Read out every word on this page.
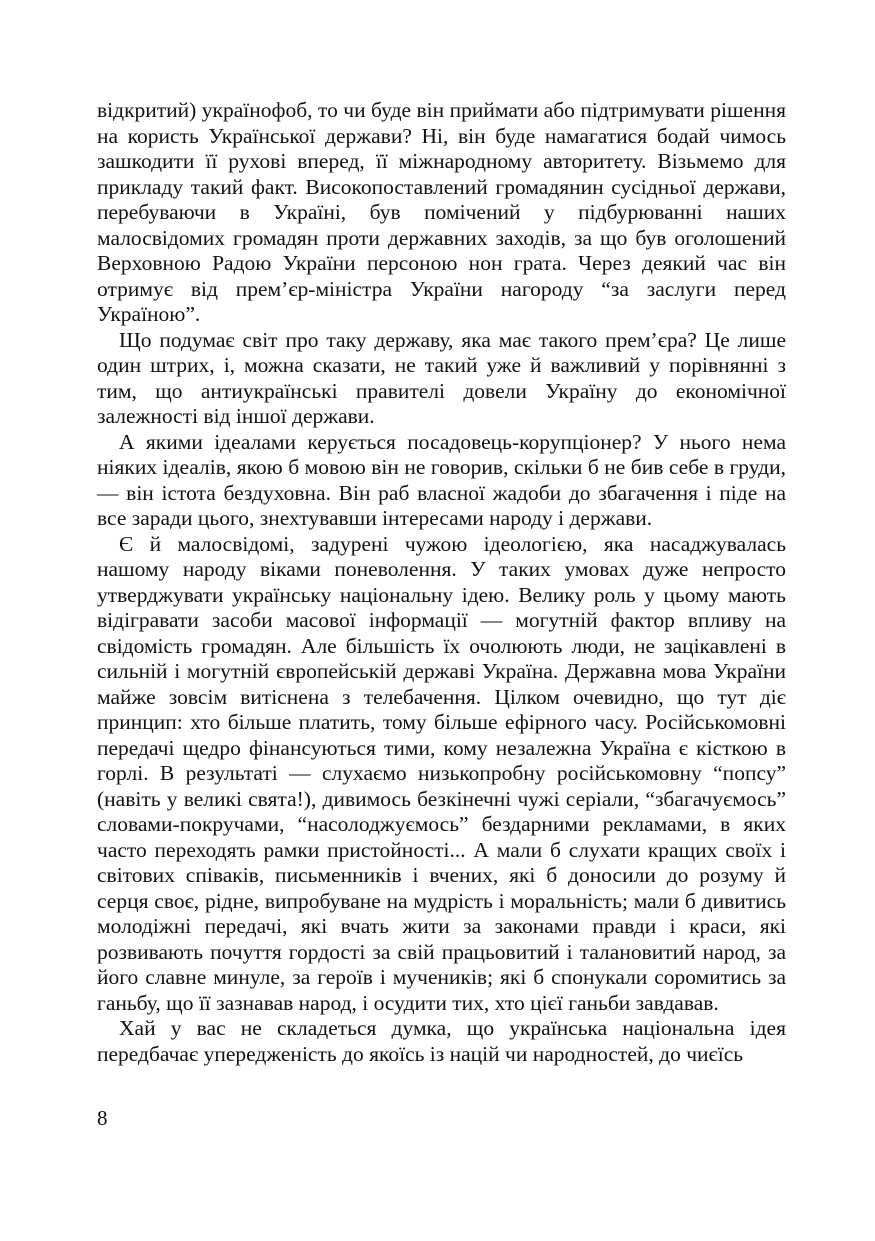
відкритий) українофоб, то чи буде він приймати або підтримувати рішення на користь Української держави? Ні, він буде намагатися бодай чимось зашкодити її рухові вперед, її міжнародному авторитету. Візьмемо для прикладу такий факт. Високопоставлений громадянин сусідньої держави, перебуваючи в Україні, був помічений у підбурюванні наших малосвідомих громадян проти державних заходів, за що був оголошений Верховною Радою України персоною нон грата. Через деякий час він отримує від прем’єр-міністра України нагороду “за заслуги перед Україною”.

Що подумає світ про таку державу, яка має такого прем’єра? Це лише один штрих, і, можна сказати, не такий уже й важливий у порівнянні з тим, що антиукраїнські правителі довели Україну до економічної залежності від іншої держави.

А якими ідеалами керується посадовець-корупціонер? У нього нема ніяких ідеалів, якою б мовою він не говорив, скільки б не бив себе в груди, — він істота бездуховна. Він раб власної жадоби до збагачення і піде на все заради цього, знехтувавши інтересами народу і держави.

Є й малосвідомі, задурені чужою ідеологією, яка насаджувалась нашому народу віками поневолення. У таких умовах дуже непросто утверджувати українську національну ідею. Велику роль у цьому мають відігравати засоби масової інформації — могутній фактор впливу на свідомість громадян. Але більшість їх очолюють люди, не зацікавлені в сильній і могутній європейській державі Україна. Державна мова України майже зовсім витіснена з телебачення. Цілком очевидно, що тут діє принцип: хто більше платить, тому більше ефірного часу. Російськомовні передачі щедро фінансуються тими, кому незалежна Україна є кісткою в горлі. В результаті — слухаємо низькопробну російськомовну “попсу” (навіть у великі свята!), дивимось безкінечні чужі серіали, “збагачуємось” словами-покручами, “насолоджуємось” бездарними рекламами, в яких часто переходять рамки пристойності... А мали б слухати кращих своїх і світових співаків, письменників і вчених, які б доносили до розуму й серця своє, рідне, випробуване на мудрість і моральність; мали б дивитись молодіжні передачі, які вчать жити за законами правди і краси, які розвивають почуття гордості за свій працьовитий і талановитий народ, за його славне минуле, за героїв і мучеників; які б спонукали соромитись за ганьбу, що її зазнавав народ, і осудити тих, хто цієї ганьби завдавав.

Хай у вас не складеться думка, що українська національна ідея передбачає упередженість до якоїсь із націй чи народностей, до чиєїсь

8
